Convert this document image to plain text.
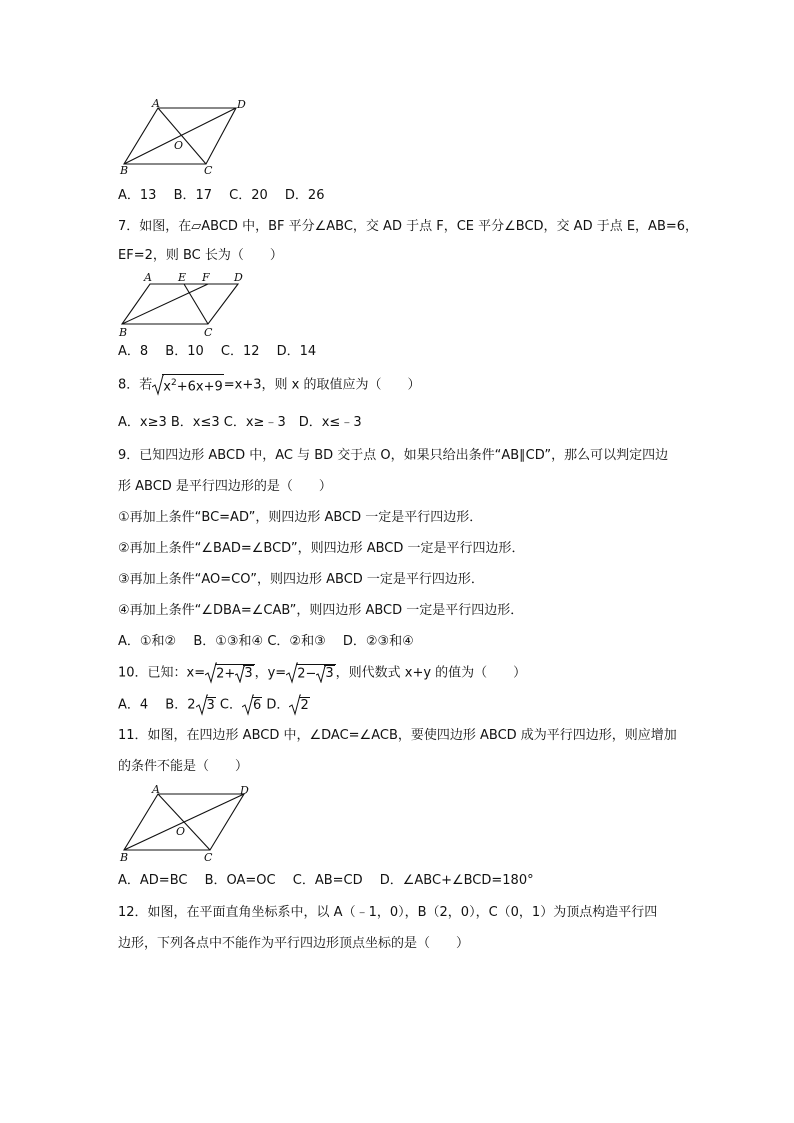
A	D
B	C
O
A．13　 B．17　 C．20　 D．26
7．如图，在▱ABCD 中，BF 平分∠ABC，交 AD 于点 F，CE 平分∠BCD，交 AD 于点 E，AB=6，
EF=2，则 BC 长为（　　）
A E F D
B	C
A．8　 B．10　 C．12　 D．14
8．若 $x^2+6x+9=x+3$，则 x 的取值应为（　　）
A．x≥3 B．x≤3 C．x≥﹣3　D．x≤﹣3
9．已知四边形 ABCD 中，AC 与 BD 交于点 O，如果只给出条件“AB∥CD”，那么可以判定四边
形 ABCD 是平行四边形的是（　　）
①再加上条件“BC=AD”，则四边形 ABCD 一定是平行四边形．
②再加上条件“∠BAD=∠BCD”，则四边形 ABCD 一定是平行四边形．
③再加上条件“AO=CO”，则四边形 ABCD 一定是平行四边形．
④再加上条件“∠DBA=∠CAB”，则四边形 ABCD 一定是平行四边形．
A．①和②　 B．①③和④ C．②和③　 D．②③和④
10．已知：x= 2+ 3 ，y= 2− 3 ，则代数式 x+y 的值为（　　）
A．4　 B．2 3 C． 6 D． 2
11．如图，在四边形 ABCD 中，∠DAC=∠ACB，要使四边形 ABCD 成为平行四边形，则应增加
的条件不能是（　　）
A	D
B	C
O
A．AD=BC　 B．OA=OC　 C．AB=CD　 D．∠ABC+∠BCD=180°
12．如图，在平面直角坐标系中，以 A（﹣1，0），B（2，0），C（0，1）为顶点构造平行四
边形，下列各点中不能作为平行四边形顶点坐标的是（　　）
